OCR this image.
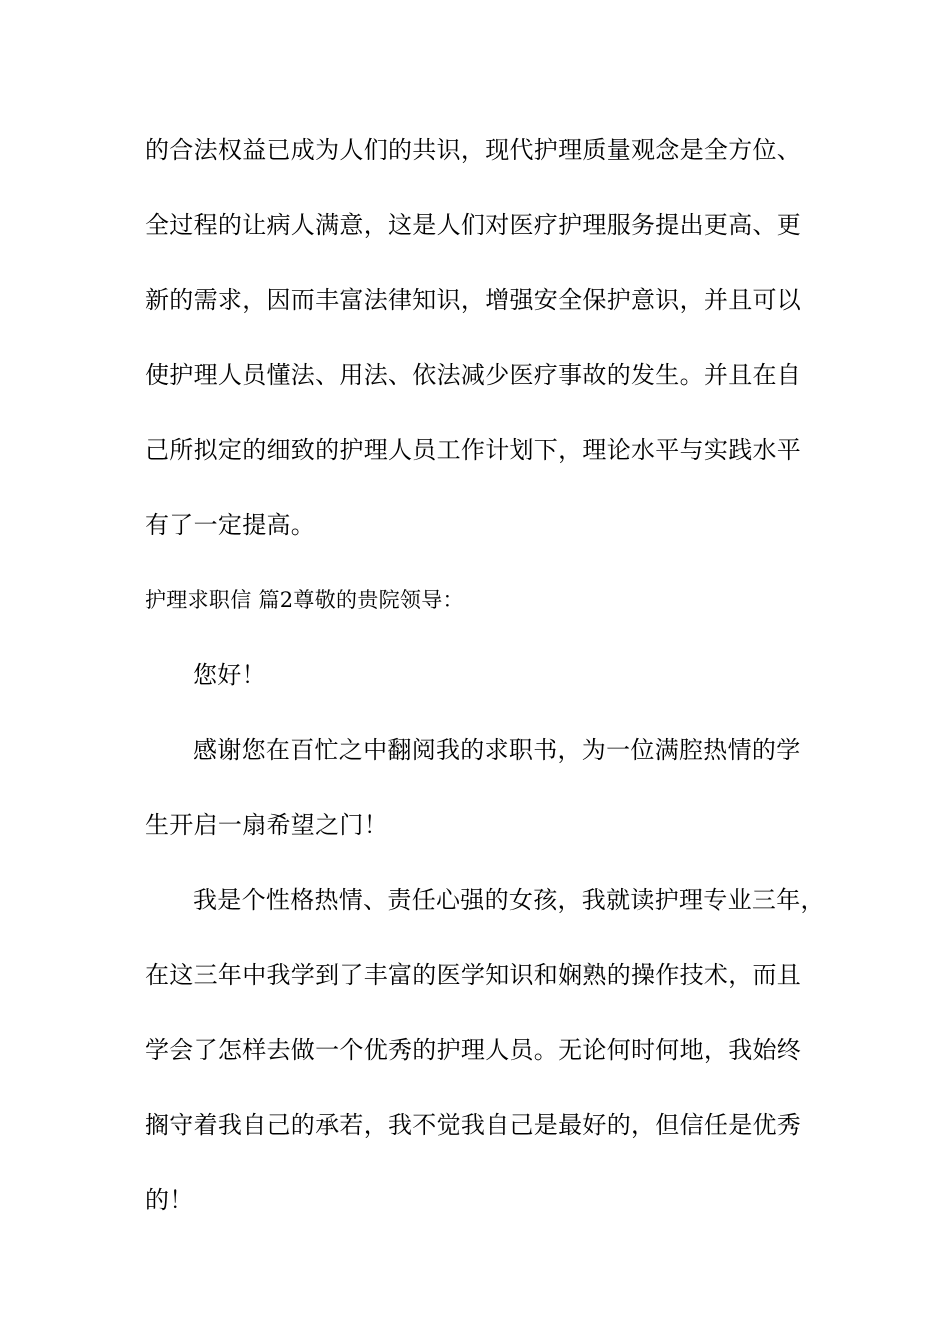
的合法权益已成为人们的共识，现代护理质量观念是全方位、
全过程的让病人满意，这是人们对医疗护理服务提出更高、更
新的需求，因而丰富法律知识，增强安全保护意识，并且可以
使护理人员懂法、用法、依法减少医疗事故的发生。并且在自
己所拟定的细致的护理人员工作计划下，理论水平与实践水平
有了一定提高。
护理求职信 篇2尊敬的贵院领导：
您好！
感谢您在百忙之中翻阅我的求职书，为一位满腔热情的学
生开启一扇希望之门！
我是个性格热情、责任心强的女孩，我就读护理专业三年，
在这三年中我学到了丰富的医学知识和娴熟的操作技术，而且
学会了怎样去做一个优秀的护理人员。无论何时何地，我始终
搁守着我自己的承若，我不觉我自己是最好的，但信任是优秀
的！
